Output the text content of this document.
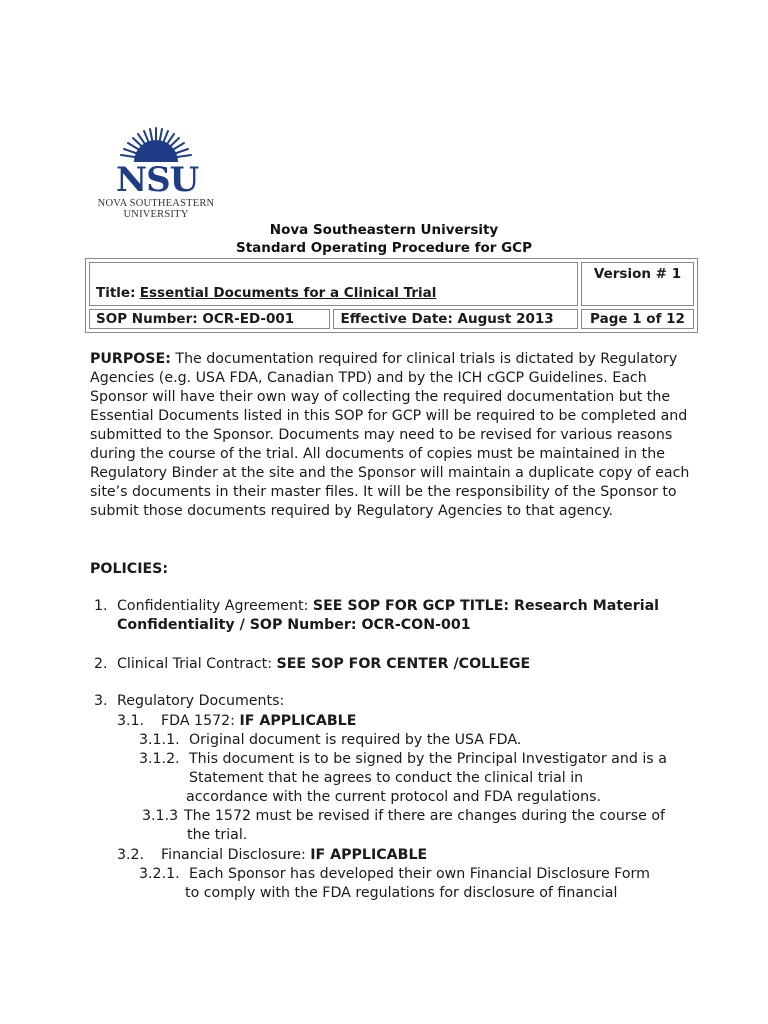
NSU
NOVA SOUTHEASTERN
UNIVERSITY
Nova Southeastern University
Standard Operating Procedure for GCP
Title: Essential Documents for a Clinical Trial		Version # 1
SOP Number: OCR-ED-001	Effective Date: August 2013	Page 1 of 12
PURPOSE: The documentation required for clinical trials is dictated by Regulatory Agencies (e.g. USA FDA, Canadian TPD) and by the ICH cGCP Guidelines. Each Sponsor will have their own way of collecting the required documentation but the Essential Documents listed in this SOP for GCP will be required to be completed and submitted to the Sponsor. Documents may need to be revised for various reasons during the course of the trial. All documents of copies must be maintained in the Regulatory Binder at the site and the Sponsor will maintain a duplicate copy of each site’s documents in their master files. It will be the responsibility of the Sponsor to submit those documents required by Regulatory Agencies to that agency.
POLICIES:
1. Confidentiality Agreement: SEE SOP FOR GCP TITLE: Research Material
Confidentiality / SOP Number: OCR-CON-001
2. Clinical Trial Contract: SEE SOP FOR CENTER /COLLEGE
3. Regulatory Documents:
3.1. FDA 1572: IF APPLICABLE
3.1.1. Original document is required by the USA FDA.
3.1.2. This document is to be signed by the Principal Investigator and is a
Statement that he agrees to conduct the clinical trial in
accordance with the current protocol and FDA regulations.
3.1.3 The 1572 must be revised if there are changes during the course of
the trial.
3.2. Financial Disclosure: IF APPLICABLE
3.2.1. Each Sponsor has developed their own Financial Disclosure Form
to comply with the FDA regulations for disclosure of financial
